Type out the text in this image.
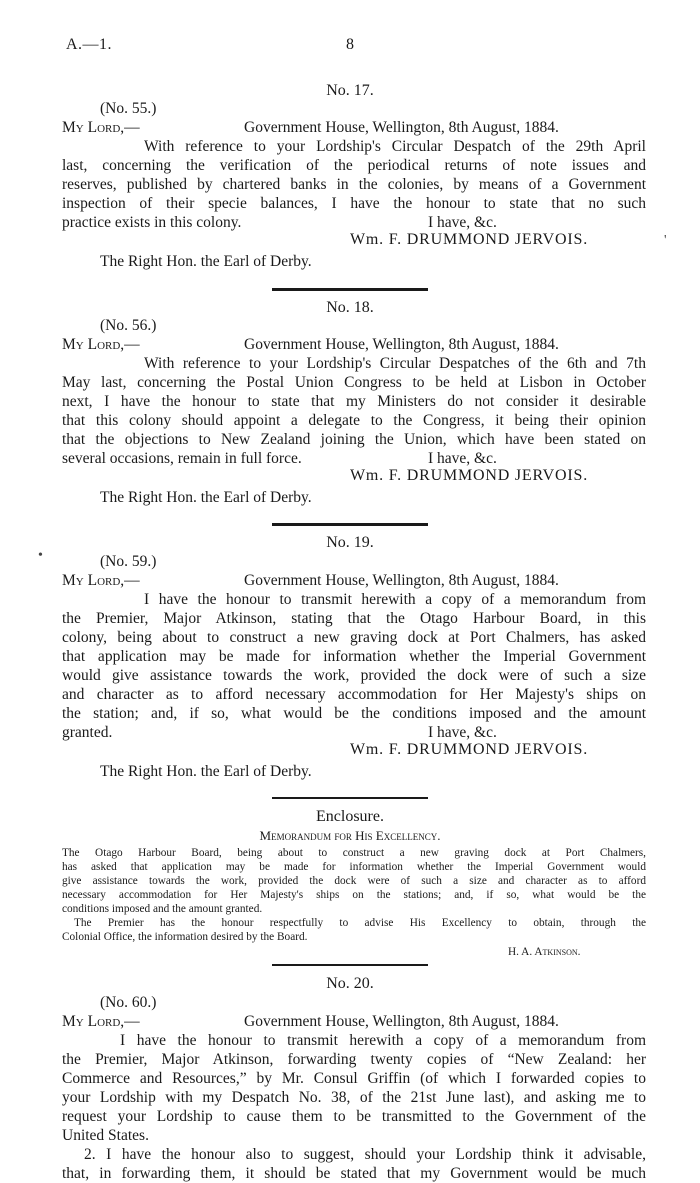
A.—1.	8
No. 17.
(No. 55.)
My Lord,—	Government House, Wellington, 8th August, 1884.
With reference to your Lordship's Circular Despatch of the 29th April
last, concerning the verification of the periodical returns of note issues and
reserves, published by chartered banks in the colonies, by means of a Government
inspection of their specie balances, I have the honour to state that no such
practice exists in this colony.	I have, &c.
Wm. F. DRUMMOND JERVOIS.
The Right Hon. the Earl of Derby.
'
No. 18.
(No. 56.)
My Lord,—	Government House, Wellington, 8th August, 1884.
With reference to your Lordship's Circular Despatches of the 6th and 7th
May last, concerning the Postal Union Congress to be held at Lisbon in October
next, I have the honour to state that my Ministers do not consider it desirable
that this colony should appoint a delegate to the Congress, it being their opinion
that the objections to New Zealand joining the Union, which have been stated on
several occasions, remain in full force.	I have, &c.
Wm. F. DRUMMOND JERVOIS.
The Right Hon. the Earl of Derby.
No. 19.
•	(No. 59.)
My Lord,—	Government House, Wellington, 8th August, 1884.
I have the honour to transmit herewith a copy of a memorandum from
the Premier, Major Atkinson, stating that the Otago Harbour Board, in this
colony, being about to construct a new graving dock at Port Chalmers, has asked
that application may be made for information whether the Imperial Government
would give assistance towards the work, provided the dock were of such a size
and character as to afford necessary accommodation for Her Majesty's ships on
the station; and, if so, what would be the conditions imposed and the amount
granted.	I have, &c.
Wm. F. DRUMMOND JERVOIS.
The Right Hon. the Earl of Derby.
Enclosure.
Memorandum for His Excellency.
The Otago Harbour Board, being about to construct a new graving dock at Port Chalmers,
has asked that application may be made for information whether the Imperial Government would
give assistance towards the work, provided the dock were of such a size and character as to afford
necessary accommodation for Her Majesty's ships on the stations; and, if so, what would be the
conditions imposed and the amount granted.
The Premier has the honour respectfully to advise His Excellency to obtain, through the
Colonial Office, the information desired by the Board.
H. A. Atkinson.
No. 20.
(No. 60.)
My Lord,—	Government House, Wellington, 8th August, 1884.
I have the honour to transmit herewith a copy of a memorandum from
the Premier, Major Atkinson, forwarding twenty copies of “New Zealand: her
Commerce and Resources,” by Mr. Consul Griffin (of which I forwarded copies to
your Lordship with my Despatch No. 38, of the 21st June last), and asking me to
request your Lordship to cause them to be transmitted to the Government of the
United States.
2. I have the honour also to suggest, should your Lordship think it advisable,
that, in forwarding them, it should be stated that my Government would be much
